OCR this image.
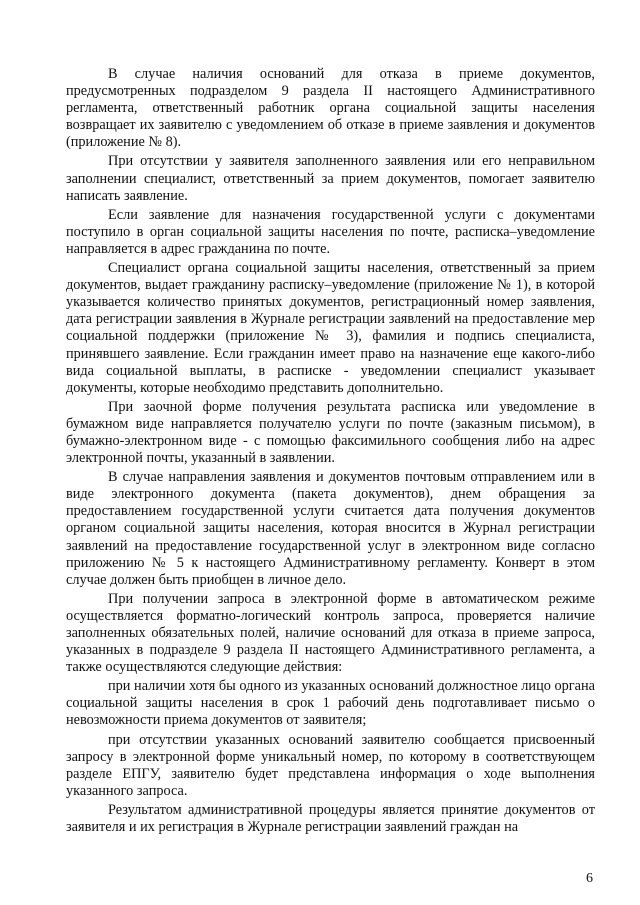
В случае наличия оснований для отказа в приеме документов, предусмотренных подразделом 9 раздела II настоящего Административного регламента, ответственный работник органа социальной защиты населения возвращает их заявителю с уведомлением об отказе в приеме заявления и документов (приложение № 8).

При отсутствии у заявителя заполненного заявления или его неправильном заполнении специалист, ответственный за прием документов, помогает заявителю написать заявление.

Если заявление для назначения государственной услуги с документами поступило в орган социальной защиты населения по почте, расписка–уведомление направляется в адрес гражданина по почте.

Специалист органа социальной защиты населения, ответственный за прием документов, выдает гражданину расписку–уведомление (приложение № 1), в которой указывается количество принятых документов, регистрационный номер заявления, дата регистрации заявления в Журнале регистрации заявлений на предоставление мер социальной поддержки (приложение № 3), фамилия и подпись специалиста, принявшего заявление. Если гражданин имеет право на назначение еще какого-либо вида социальной выплаты, в расписке - уведомлении специалист указывает документы, которые необходимо представить дополнительно.

При заочной форме получения результата расписка или уведомление в бумажном виде направляется получателю услуги по почте (заказным письмом), в бумажно-электронном виде - с помощью факсимильного сообщения либо на адрес электронной почты, указанный в заявлении.

В случае направления заявления и документов почтовым отправлением или в виде электронного документа (пакета документов), днем обращения за предоставлением государственной услуги считается дата получения документов органом социальной защиты населения, которая вносится в Журнал регистрации заявлений на предоставление государственной услуг в электронном виде согласно приложению № 5 к настоящего Административному регламенту. Конверт в этом случае должен быть приобщен в личное дело.

При получении запроса в электронной форме в автоматическом режиме осуществляется форматно-логический контроль запроса, проверяется наличие заполненных обязательных полей, наличие оснований для отказа в приеме запроса, указанных в подразделе 9 раздела II настоящего Административного регламента, а также осуществляются следующие действия:

при наличии хотя бы одного из указанных оснований должностное лицо органа социальной защиты населения в срок 1 рабочий день подготавливает письмо о невозможности приема документов от заявителя;

при отсутствии указанных оснований заявителю сообщается присвоенный запросу в электронной форме уникальный номер, по которому в соответствующем разделе ЕПГУ, заявителю будет представлена информация о ходе выполнения указанного запроса.

Результатом административной процедуры является принятие документов от заявителя и их регистрация в Журнале регистрации заявлений граждан на

6
